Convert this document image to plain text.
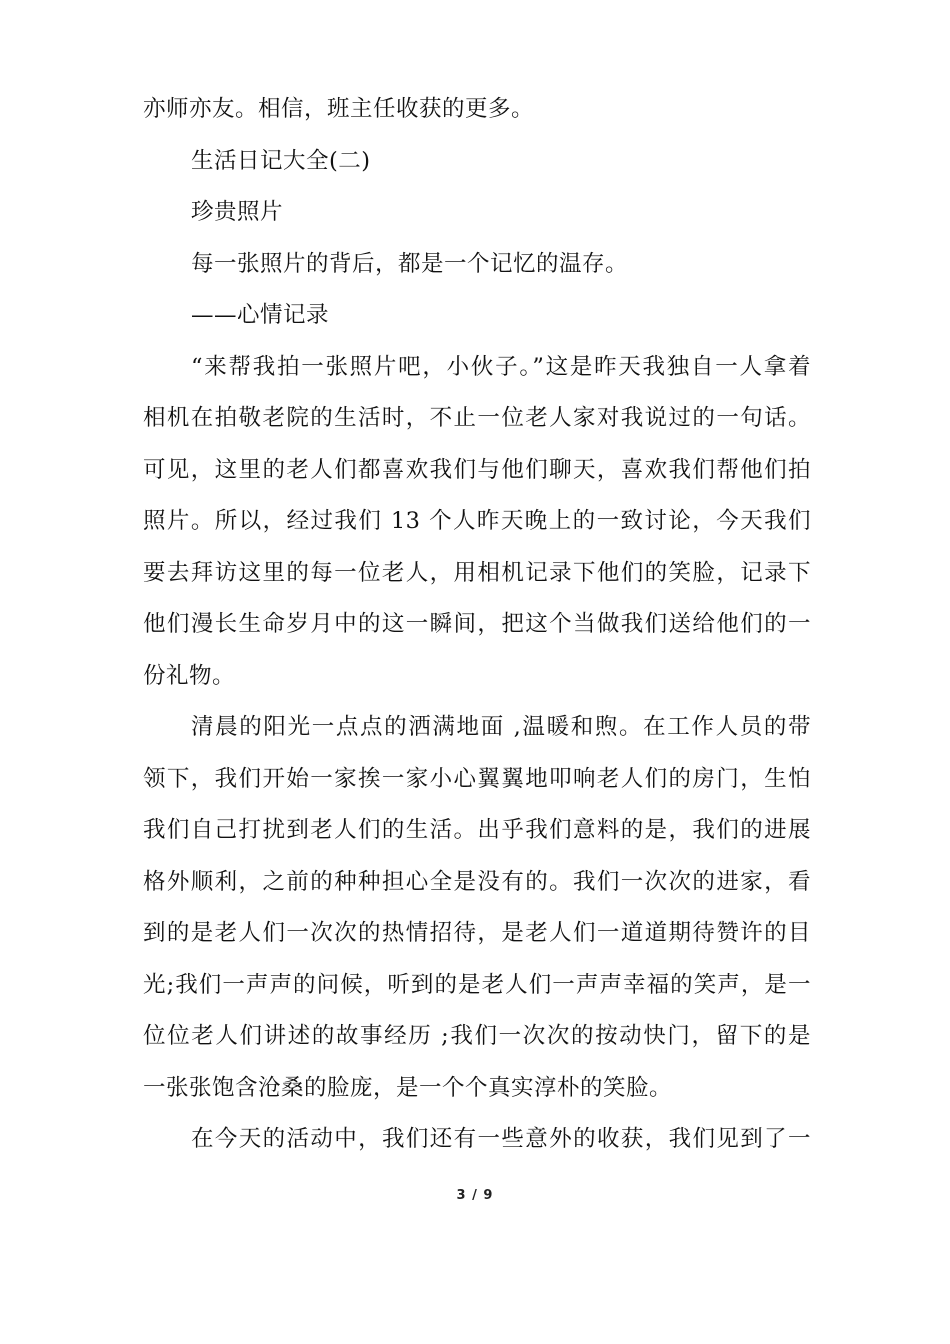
亦师亦友。相信，班主任收获的更多。
生活日记大全(二)
珍贵照片
每一张照片的背后，都是一个记忆的温存。
——心情记录
“来帮我拍一张照片吧，小伙子。”这是昨天我独自一人拿着
相机在拍敬老院的生活时，不止一位老人家对我说过的一句话。
可见，这里的老人们都喜欢我们与他们聊天，喜欢我们帮他们拍
照片。所以，经过我们 13 个人昨天晚上的一致讨论，今天我们
要去拜访这里的每一位老人，用相机记录下他们的笑脸，记录下
他们漫长生命岁月中的这一瞬间，把这个当做我们送给他们的一
份礼物。
清晨的阳光一点点的洒满地面 ,温暖和煦。在工作人员的带
领下，我们开始一家挨一家小心翼翼地叩响老人们的房门，生怕
我们自己打扰到老人们的生活。出乎我们意料的是，我们的进展
格外顺利，之前的种种担心全是没有的。我们一次次的进家，看
到的是老人们一次次的热情招待，是老人们一道道期待赞许的目
光;我们一声声的问候，听到的是老人们一声声幸福的笑声，是一
位位老人们讲述的故事经历 ;我们一次次的按动快门，留下的是
一张张饱含沧桑的脸庞，是一个个真实淳朴的笑脸。
在今天的活动中，我们还有一些意外的收获，我们见到了一
3 / 9
